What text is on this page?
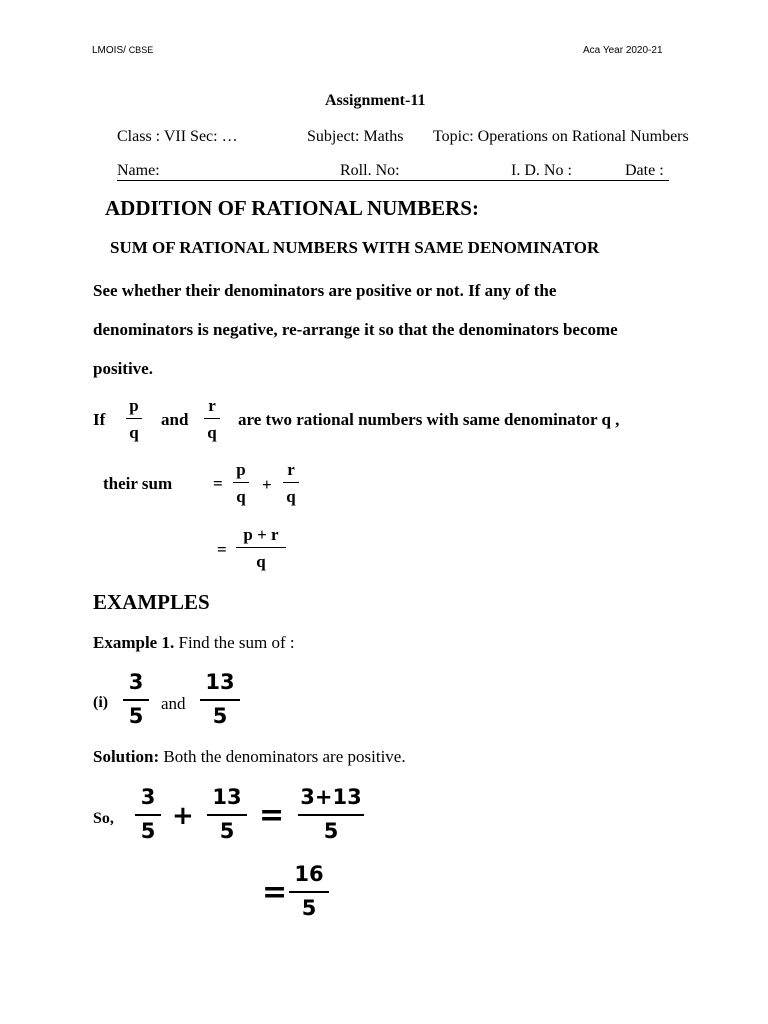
LMOIS/ CBSE	Aca Year 2020-21
Assignment-11
Class : VII Sec: …	Subject: Maths Topic: Operations on Rational Numbers
Name:	Roll. No:	I. D. No :	Date :
ADDITION OF RATIONAL NUMBERS:
SUM OF RATIONAL NUMBERS WITH SAME DENOMINATOR
See whether their denominators are positive or not. If any of the
denominators is negative, re-arrange it so that the denominators become
positive.
If
p
q
and
r
q
are two rational numbers with same denominator q ,
their sum =
p
q
+
r
q
=
p + r
q
EXAMPLES
Example 1. Find the sum of :
(i)
3
5
and
13
5
Solution: Both the denominators are positive.
So,
3
5 +
13
5 =
3+13
5
=
16
5
